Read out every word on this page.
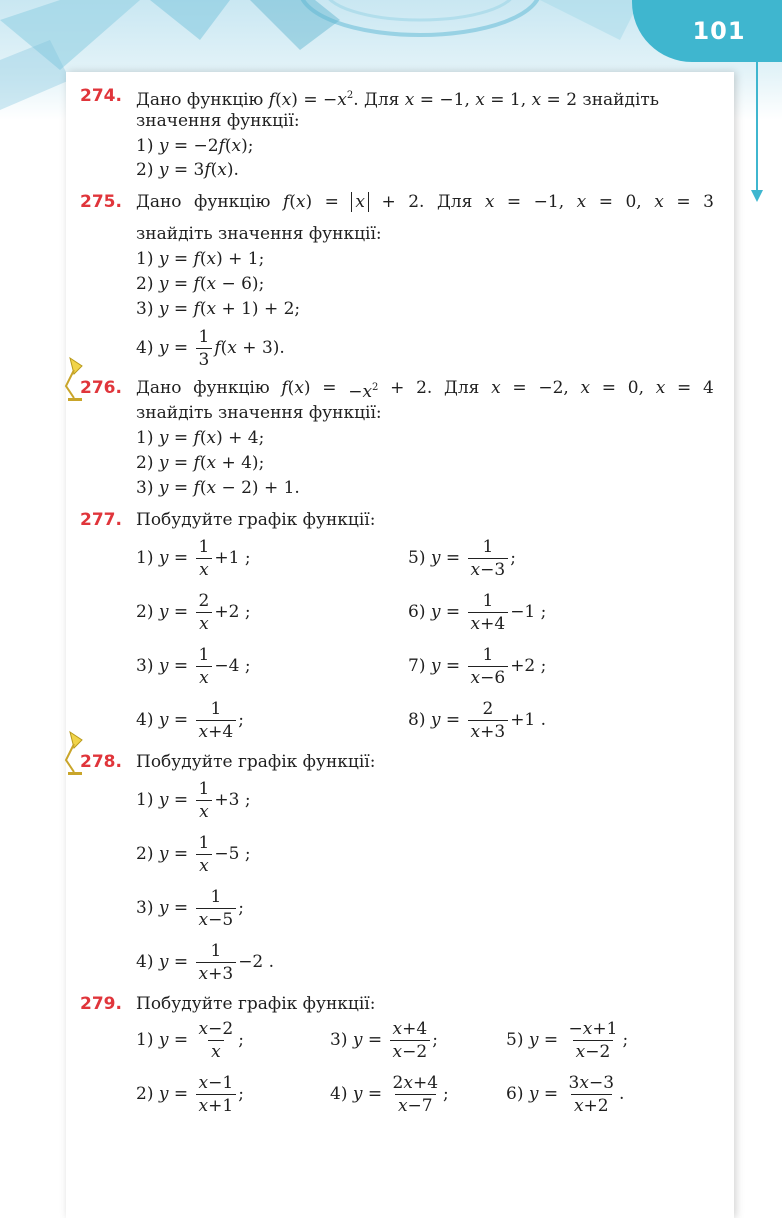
101
274. Дано функцію $f(x) = -x^2$. Для x = −1, x = 1, x = 2 знайдіть
значення функції:
1) y = −2f(x);
2) y = 3f(x).
275. Дано функцію f(x) = x + 2. Для x = −1, x = 0, x = 3
знайдіть значення функції:
1) y = f(x) + 1;
2) y = f(x − 6);
3) y = f(x + 1) + 2;
4) $y = \frac{1}{3} f(x + 3)$.
276. Дано функцію $f(x) = -x^2 + 2$. Для x = −2, x = 0, x = 4
знайдіть значення функції:
1) y = f(x) + 4;
2) y = f(x + 4);
3) y = f(x − 2) + 1.
277. Побудуйте графік функції:
1) $y = \frac{1}{x} +1$ ;
2) $y = \frac{2}{x} +2$ ;
3) $y = \frac{1}{x} -4$ ;
4) $y = \frac{1}{x+4}$ ;
5) $y = \frac{1}{x-3}$ ;
6) $y = \frac{1}{x+4} -1$ ;
7) $y = \frac{1}{x-6} +2$ ;
8) $y = \frac{2}{x+3} +1$ .
278. Побудуйте графік функції:
1) $y = \frac{1}{x} +3$ ;
2) $y = \frac{1}{x} -5$ ;
3) $y = \frac{1}{x-5}$ ;
4) $y = \frac{1}{x+3} -2$ .
279. Побудуйте графік функції:
1) $y = \frac{x-2}{x}$ ;
2) $y = \frac{x-1}{x+1}$ ;
3) $y = \frac{x+4}{x-2}$ ;
4) $y = \frac{2x+4}{x-7}$ ;
5) $y = \frac{-x+1}{x-2}$ ;
6) $y = \frac{3x-3}{x+2}$ .
